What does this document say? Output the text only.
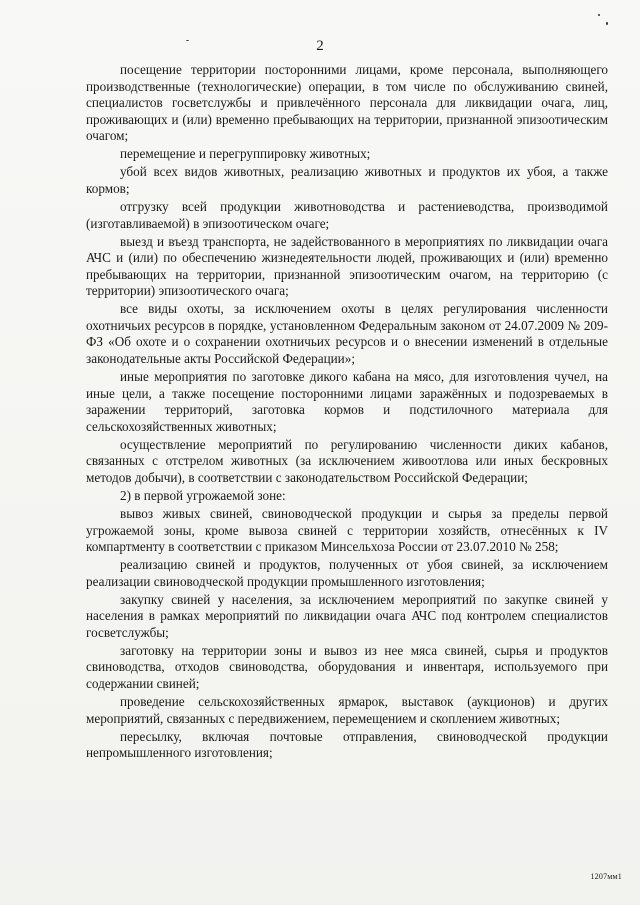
2

посещение территории посторонними лицами, кроме персонала, выполняющего производственные (технологические) операции, в том числе по обслуживанию свиней, специалистов госветслужбы и привлечённого персонала для ликвидации очага, лиц, проживающих и (или) временно пребывающих на территории, признанной эпизоотическим очагом;

перемещение и перегруппировку животных;

убой всех видов животных, реализацию животных и продуктов их убоя, а также кормов;

отгрузку всей продукции животноводства и растениеводства, производимой (изготавливаемой) в эпизоотическом очаге;

выезд и въезд транспорта, не задействованного в мероприятиях по ликвидации очага АЧС и (или) по обеспечению жизнедеятельности людей, проживающих и (или) временно пребывающих на территории, признанной эпизоотическим очагом, на территорию (с территории) эпизоотического очага;

все виды охоты, за исключением охоты в целях регулирования численности охотничьих ресурсов в порядке, установленном Федеральным законом от 24.07.2009 № 209-ФЗ «Об охоте и о сохранении охотничьих ресурсов и о внесении изменений в отдельные законодательные акты Российской Федерации»;

иные мероприятия по заготовке дикого кабана на мясо, для изготовления чучел, на иные цели, а также посещение посторонними лицами заражённых и подозреваемых в заражении территорий, заготовка кормов и подстилочного материала для сельскохозяйственных животных;

осуществление мероприятий по регулированию численности диких кабанов, связанных с отстрелом животных (за исключением живоотлова или иных бескровных методов добычи), в соответствии с законодательством Российской Федерации;

2) в первой угрожаемой зоне:

вывоз живых свиней, свиноводческой продукции и сырья за пределы первой угрожаемой зоны, кроме вывоза свиней с территории хозяйств, отнесённых к IV компартменту в соответствии с приказом Минсельхоза России от 23.07.2010 № 258;

реализацию свиней и продуктов, полученных от убоя свиней, за исключением реализации свиноводческой продукции промышленного изготовления;

закупку свиней у населения, за исключением мероприятий по закупке свиней у населения в рамках мероприятий по ликвидации очага АЧС под контролем специалистов госветслужбы;

заготовку на территории зоны и вывоз из нее мяса свиней, сырья и продуктов свиноводства, отходов свиноводства, оборудования и инвентаря, используемого при содержании свиней;

проведение сельскохозяйственных ярмарок, выставок (аукционов) и других мероприятий, связанных с передвижением, перемещением и скоплением животных;

пересылку, включая почтовые отправления, свиноводческой продукции непромышленного изготовления;

1207мм1
